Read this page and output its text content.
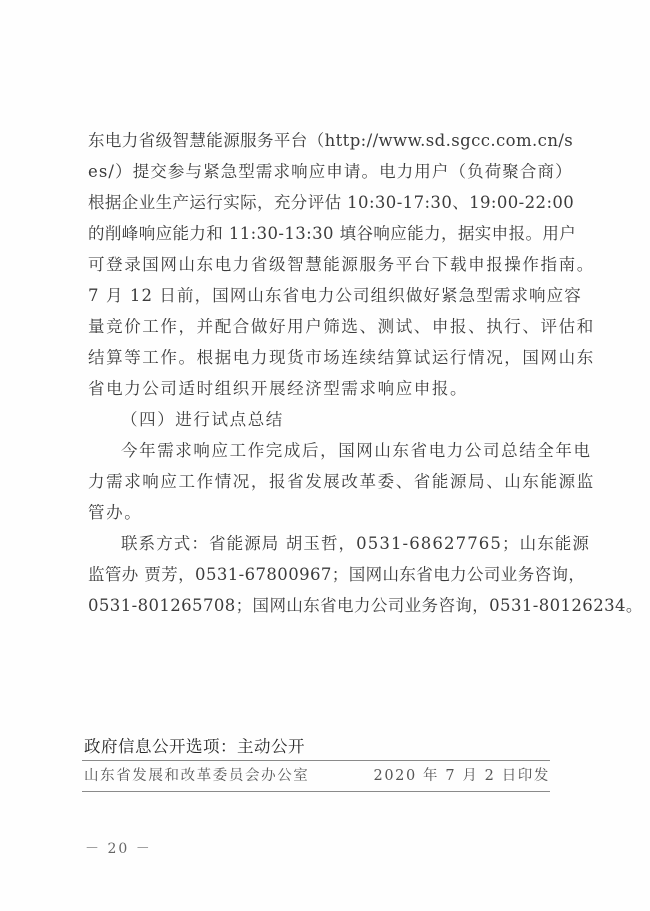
东电力省级智慧能源服务平台（http://www.sd.sgcc.com.cn/s
es/）提交参与紧急型需求响应申请。电力用户（负荷聚合商）
根据企业生产运行实际，充分评估 10:30-17:30、19:00-22:00
的削峰响应能力和 11:30-13:30 填谷响应能力，据实申报。用户
可登录国网山东电力省级智慧能源服务平台下载申报操作指南。
7 月 12 日前，国网山东省电力公司组织做好紧急型需求响应容
量竞价工作，并配合做好用户筛选、测试、申报、执行、评估和
结算等工作。根据电力现货市场连续结算试运行情况，国网山东
省电力公司适时组织开展经济型需求响应申报。
（四）进行试点总结
今年需求响应工作完成后，国网山东省电力公司总结全年电
力需求响应工作情况，报省发展改革委、省能源局、山东能源监
管办。
联系方式：省能源局 胡玉哲，0531-68627765；山东能源
监管办 贾芳，0531-67800967；国网山东省电力公司业务咨询，
0531-801265708；国网山东省电力公司业务咨询，0531-80126234。
政府信息公开选项：主动公开
山东省发展和改革委员会办公室	2020 年 7 月 2 日印发
－ 20 －
